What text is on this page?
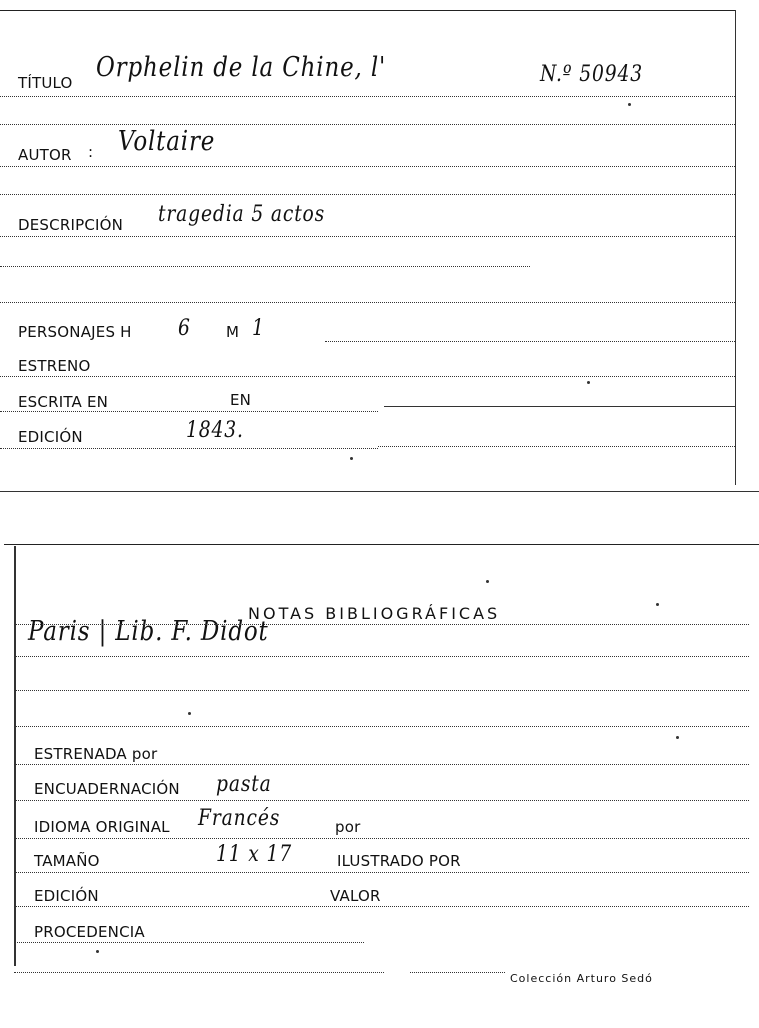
TÍTULO Orphelin de la Chine, l'	N.º 50943
AUTOR : Voltaire
DESCRIPCIÓN tragedia 5 actos
PERSONAJES H 6 M 1
ESTRENO
ESCRITA EN	EN
EDICIÓN	1843.
NOTAS BIBLIOGRÁFICAS
Paris | Lib. F. Didot
ESTRENADA por
ENCUADERNACIÓN pasta
IDIOMA ORIGINAL Francés	por
TAMAÑO	11 x 17	ILUSTRADO POR
EDICIÓN	VALOR
PROCEDENCIA
Colección Arturo Sedó
